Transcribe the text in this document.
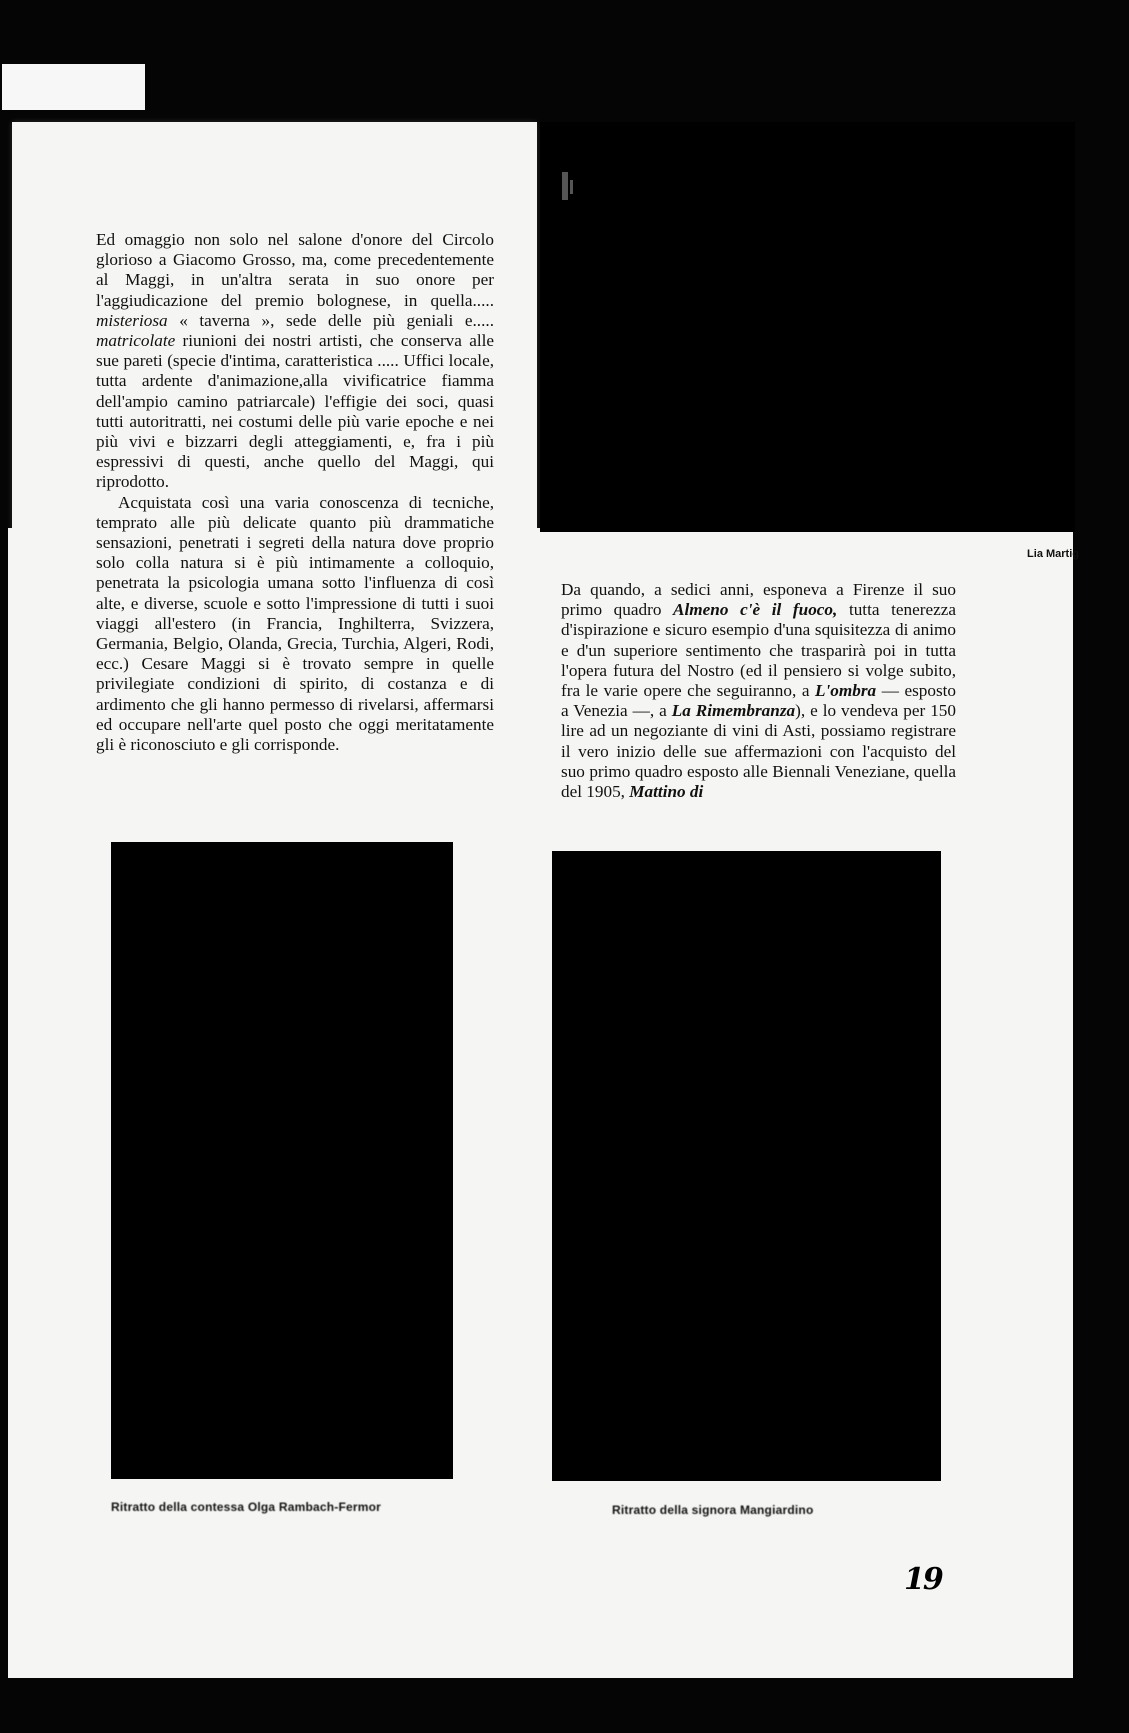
Lia Martig

Ed omaggio non solo nel salone d'onore del Circolo glorioso a Giacomo Grosso, ma, come precedentemente al Maggi, in un'altra serata in suo onore per l'aggiudicazione del premio bolognese, in quella..... misteriosa « taverna », sede delle più geniali e..... matricolate riunioni dei nostri artisti, che conserva alle sue pareti (specie d'intima, caratteristica ..... Uffici locale, tutta ardente d'animazione,alla vivificatrice fiamma dell'ampio camino patriarcale) l'effigie dei soci, quasi tutti autoritratti, nei costumi delle più varie epoche e nei più vivi e bizzarri degli atteggiamenti, e, fra i più espressivi di questi, anche quello del Maggi, qui riprodotto.

Acquistata così una varia conoscenza di tecniche, temprato alle più delicate quanto più drammatiche sensazioni, penetrati i segreti della natura dove proprio solo colla natura si è più intimamente a colloquio, penetrata la psicologia umana sotto l'influenza di così alte, e diverse, scuole e sotto l'impressione di tutti i suoi viaggi all'estero (in Francia, Inghilterra, Svizzera, Germania, Belgio, Olanda, Grecia, Turchia, Algeri, Rodi, ecc.) Cesare Maggi si è trovato sempre in quelle privilegiate condizioni di spirito, di costanza e di ardimento che gli hanno permesso di rivelarsi, affermarsi ed occupare nell'arte quel posto che oggi meritatamente gli è riconosciuto e gli corrisponde.

Da quando, a sedici anni, esponeva a Firenze il suo primo quadro Almeno c'è il fuoco, tutta tenerezza d'ispirazione e sicuro esempio d'una squisitezza di animo e d'un superiore sentimento che trasparirà poi in tutta l'opera futura del Nostro (ed il pensiero si volge subito, fra le varie opere che seguiranno, a L'ombra — esposto a Venezia —, a La Rimembranza), e lo vendeva per 150 lire ad un negoziante di vini di Asti, possiamo registrare il vero inizio delle sue affermazioni con l'acquisto del suo primo quadro esposto alle Biennali Veneziane, quella del 1905, Mattino di

Ritratto della contessa Olga Rambach-Fermor	Ritratto della signora Mangiardino
19
